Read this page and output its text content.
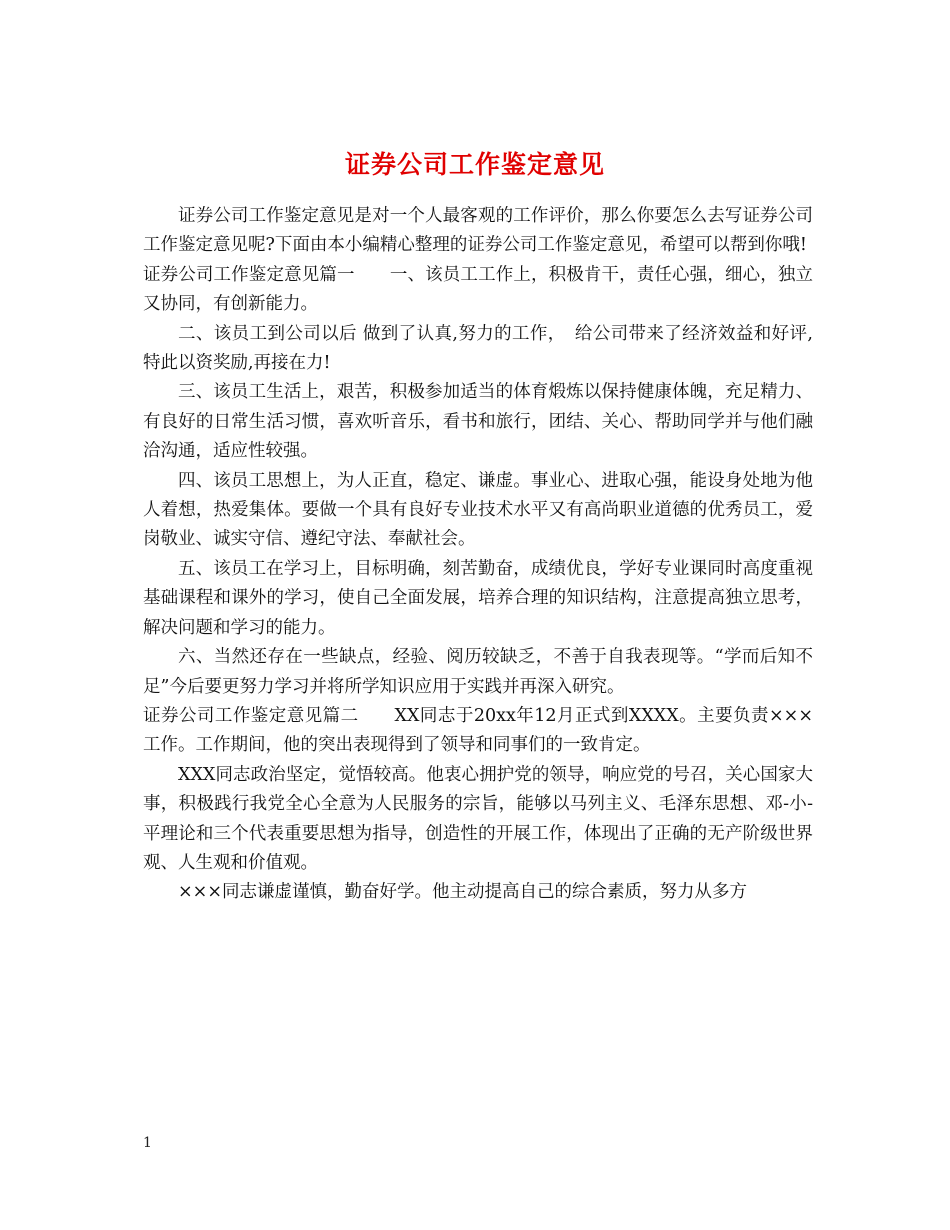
证券公司工作鉴定意见

证券公司工作鉴定意见是对一个人最客观的工作评价，那么你要怎么去写证券公司工作鉴定意见呢?下面由本小编精心整理的证券公司工作鉴定意见，希望可以帮到你哦!

证券公司工作鉴定意见篇一　　一、该员工工作上，积极肯干，责任心强，细心，独立又协同，有创新能力。

二、该员工到公司以后 做到了认真,努力的工作，　给公司带来了经济效益和好评,特此以资奖励,再接在力!

三、该员工生活上，艰苦，积极参加适当的体育煅炼以保持健康体魄，充足精力、有良好的日常生活习惯，喜欢听音乐，看书和旅行，团结、关心、帮助同学并与他们融洽沟通，适应性较强。

四、该员工思想上，为人正直，稳定、谦虚。事业心、进取心强，能设身处地为他人着想，热爱集体。要做一个具有良好专业技术水平又有高尚职业道德的优秀员工，爱岗敬业、诚实守信、遵纪守法、奉献社会。

五、该员工在学习上，目标明确，刻苦勤奋，成绩优良，学好专业课同时高度重视基础课程和课外的学习，使自己全面发展，培养合理的知识结构，注意提高独立思考，解决问题和学习的能力。

六、当然还存在一些缺点，经验、阅历较缺乏，不善于自我表现等。“学而后知不足”今后要更努力学习并将所学知识应用于实践并再深入研究。

证券公司工作鉴定意见篇二　　XX同志于20xx年12月正式到XXXX。主要负责×××工作。工作期间，他的突出表现得到了领导和同事们的一致肯定。

XXX同志政治坚定，觉悟较高。他衷心拥护党的领导，响应党的号召，关心国家大事，积极践行我党全心全意为人民服务的宗旨，能够以马列主义、毛泽东思想、邓-小-平理论和三个代表重要思想为指导，创造性的开展工作，体现出了正确的无产阶级世界观、人生观和价值观。

×××同志谦虚谨慎，勤奋好学。他主动提高自己的综合素质，努力从多方

1
